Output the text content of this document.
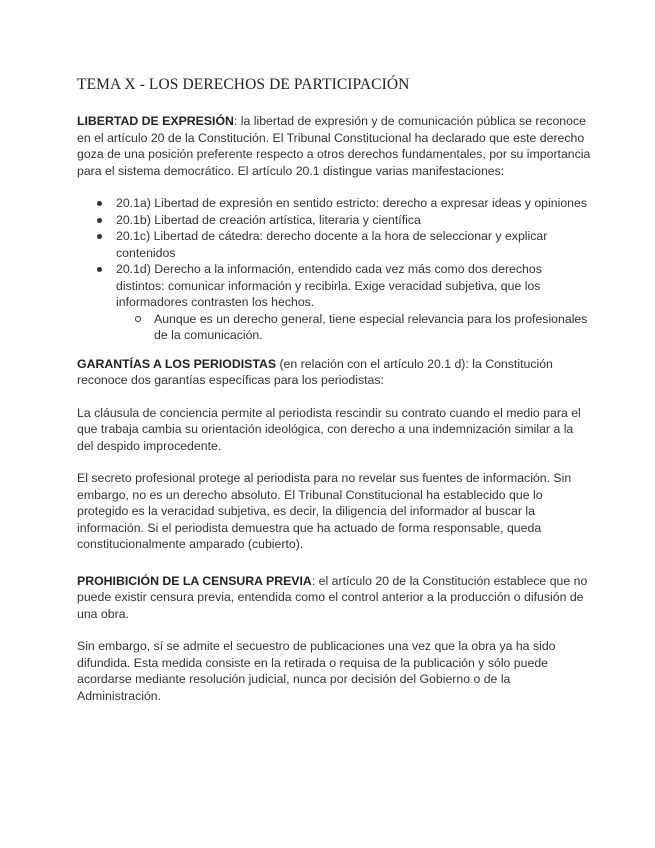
TEMA X - LOS DERECHOS DE PARTICIPACIÓN

LIBERTAD DE EXPRESIÓN: la libertad de expresión y de comunicación pública se reconoce en el artículo 20 de la Constitución. El Tribunal Constitucional ha declarado que este derecho goza de una posición preferente respecto a otros derechos fundamentales, por su importancia para el sistema democrático. El artículo 20.1 distingue varias manifestaciones:

20.1a) Libertad de expresión en sentido estricto: derecho a expresar ideas y opiniones
20.1b) Libertad de creación artística, literaria y científica
20.1c) Libertad de cátedra: derecho docente a la hora de seleccionar y explicar contenidos
20.1d) Derecho a la información, entendido cada vez más como dos derechos distintos: comunicar información y recibirla. Exige veracidad subjetiva, que los informadores contrasten los hechos.
Aunque es un derecho general, tiene especial relevancia para los profesionales de la comunicación.

GARANTÍAS A LOS PERIODISTAS (en relación con el artículo 20.1 d): la Constitución reconoce dos garantías específicas para los periodistas:

La cláusula de conciencia permite al periodista rescindir su contrato cuando el medio para el que trabaja cambia su orientación ideológica, con derecho a una indemnización similar a la del despido improcedente.

El secreto profesional protege al periodista para no revelar sus fuentes de información. Sin embargo, no es un derecho absoluto. El Tribunal Constitucional ha establecido que lo protegido es la veracidad subjetiva, es decir, la diligencia del informador al buscar la información. Si el periodista demuestra que ha actuado de forma responsable, queda constitucionalmente amparado (cubierto).

PROHIBICIÓN DE LA CENSURA PREVIA: el artículo 20 de la Constitución establece que no puede existir censura previa, entendida como el control anterior a la producción o difusión de una obra.

Sin embargo, sí se admite el secuestro de publicaciones una vez que la obra ya ha sido difundida. Esta medida consiste en la retirada o requisa de la publicación y sólo puede acordarse mediante resolución judicial, nunca por decisión del Gobierno o de la Administración.
